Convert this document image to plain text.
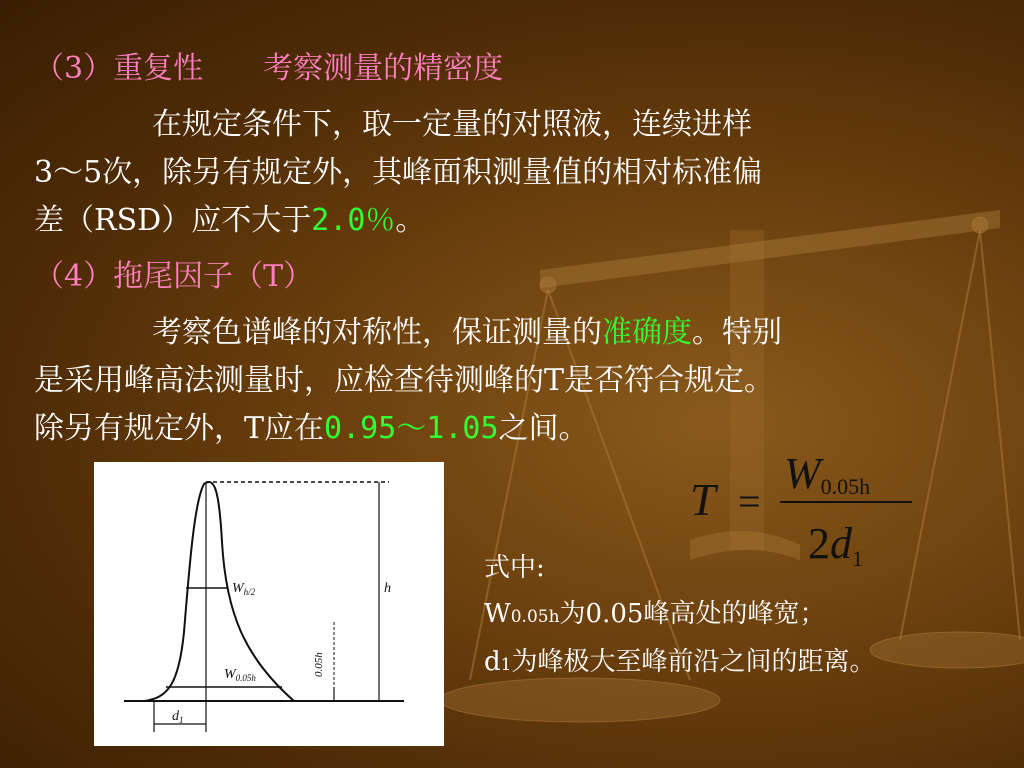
（3）重复性 考察测量的精密度
在规定条件下，取一定量的对照液，连续进样
3～5次，除另有规定外，其峰面积测量值的相对标准偏
差（RSD）应不大于2.0％。
（4）拖尾因子（T）
考察色谱峰的对称性，保证测量的准确度。特别
是采用峰高法测量时，应检查待测峰的T是否符合规定。
除另有规定外，T应在0.95～1.05之间。
$W_{h/2}$
$W_{0.05h}$
h
0.05h
$d_1$
T =
W0.05h
2d1
式中:
W0.05h为0.05峰高处的峰宽；
d1为峰极大至峰前沿之间的距离。
